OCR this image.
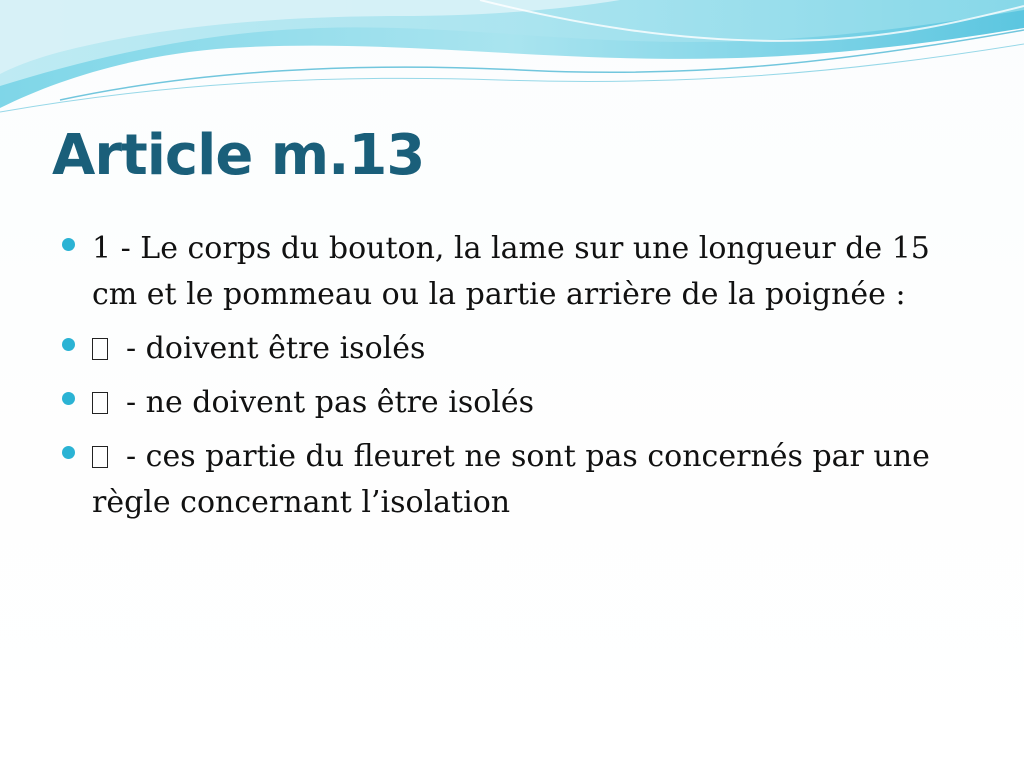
Article m.13
1 - Le corps du bouton, la lame sur une longueur de 15 cm et le pommeau ou la partie arrière de la poignée :
- doivent être isolés
- ne doivent pas être isolés
- ces partie du fleuret ne sont pas concernés par une règle concernant l’isolation
